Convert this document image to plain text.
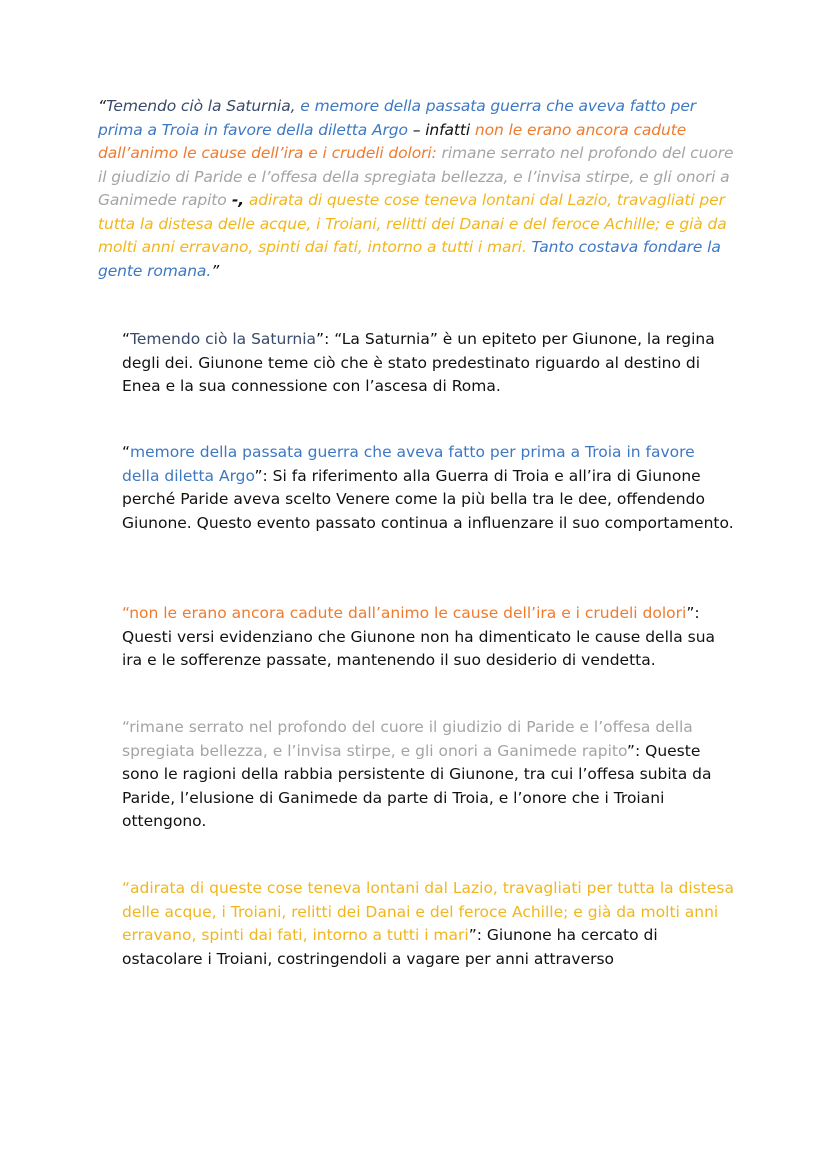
“Temendo ciò la Saturnia, e memore della passata guerra che aveva fatto per prima a Troia in favore della diletta Argo – infatti non le erano ancora cadute dall’animo le cause dell’ira e i crudeli dolori: rimane serrato nel profondo del cuore il giudizio di Paride e l’offesa della spregiata bellezza, e l’invisa stirpe, e gli onori a Ganimede rapito -, adirata di queste cose teneva lontani dal Lazio, travagliati per tutta la distesa delle acque, i Troiani, relitti dei Danai e del feroce Achille; e già da molti anni erravano, spinti dai fati, intorno a tutti i mari. Tanto costava fondare la gente romana.”

“Temendo ciò la Saturnia”: “La Saturnia” è un epiteto per Giunone, la regina degli dei. Giunone teme ciò che è stato predestinato riguardo al destino di Enea e la sua connessione con l’ascesa di Roma.

“memore della passata guerra che aveva fatto per prima a Troia in favore della diletta Argo”: Si fa riferimento alla Guerra di Troia e all’ira di Giunone perché Paride aveva scelto Venere come la più bella tra le dee, offendendo Giunone. Questo evento passato continua a influenzare il suo comportamento.

“non le erano ancora cadute dall’animo le cause dell’ira e i crudeli dolori”: Questi versi evidenziano che Giunone non ha dimenticato le cause della sua ira e le sofferenze passate, mantenendo il suo desiderio di vendetta.

“rimane serrato nel profondo del cuore il giudizio di Paride e l’offesa della spregiata bellezza, e l’invisa stirpe, e gli onori a Ganimede rapito”: Queste sono le ragioni della rabbia persistente di Giunone, tra cui l’offesa subita da Paride, l’elusione di Ganimede da parte di Troia, e l’onore che i Troiani ottengono.

“adirata di queste cose teneva lontani dal Lazio, travagliati per tutta la distesa delle acque, i Troiani, relitti dei Danai e del feroce Achille; e già da molti anni erravano, spinti dai fati, intorno a tutti i mari”: Giunone ha cercato di ostacolare i Troiani, costringendoli a vagare per anni attraverso
